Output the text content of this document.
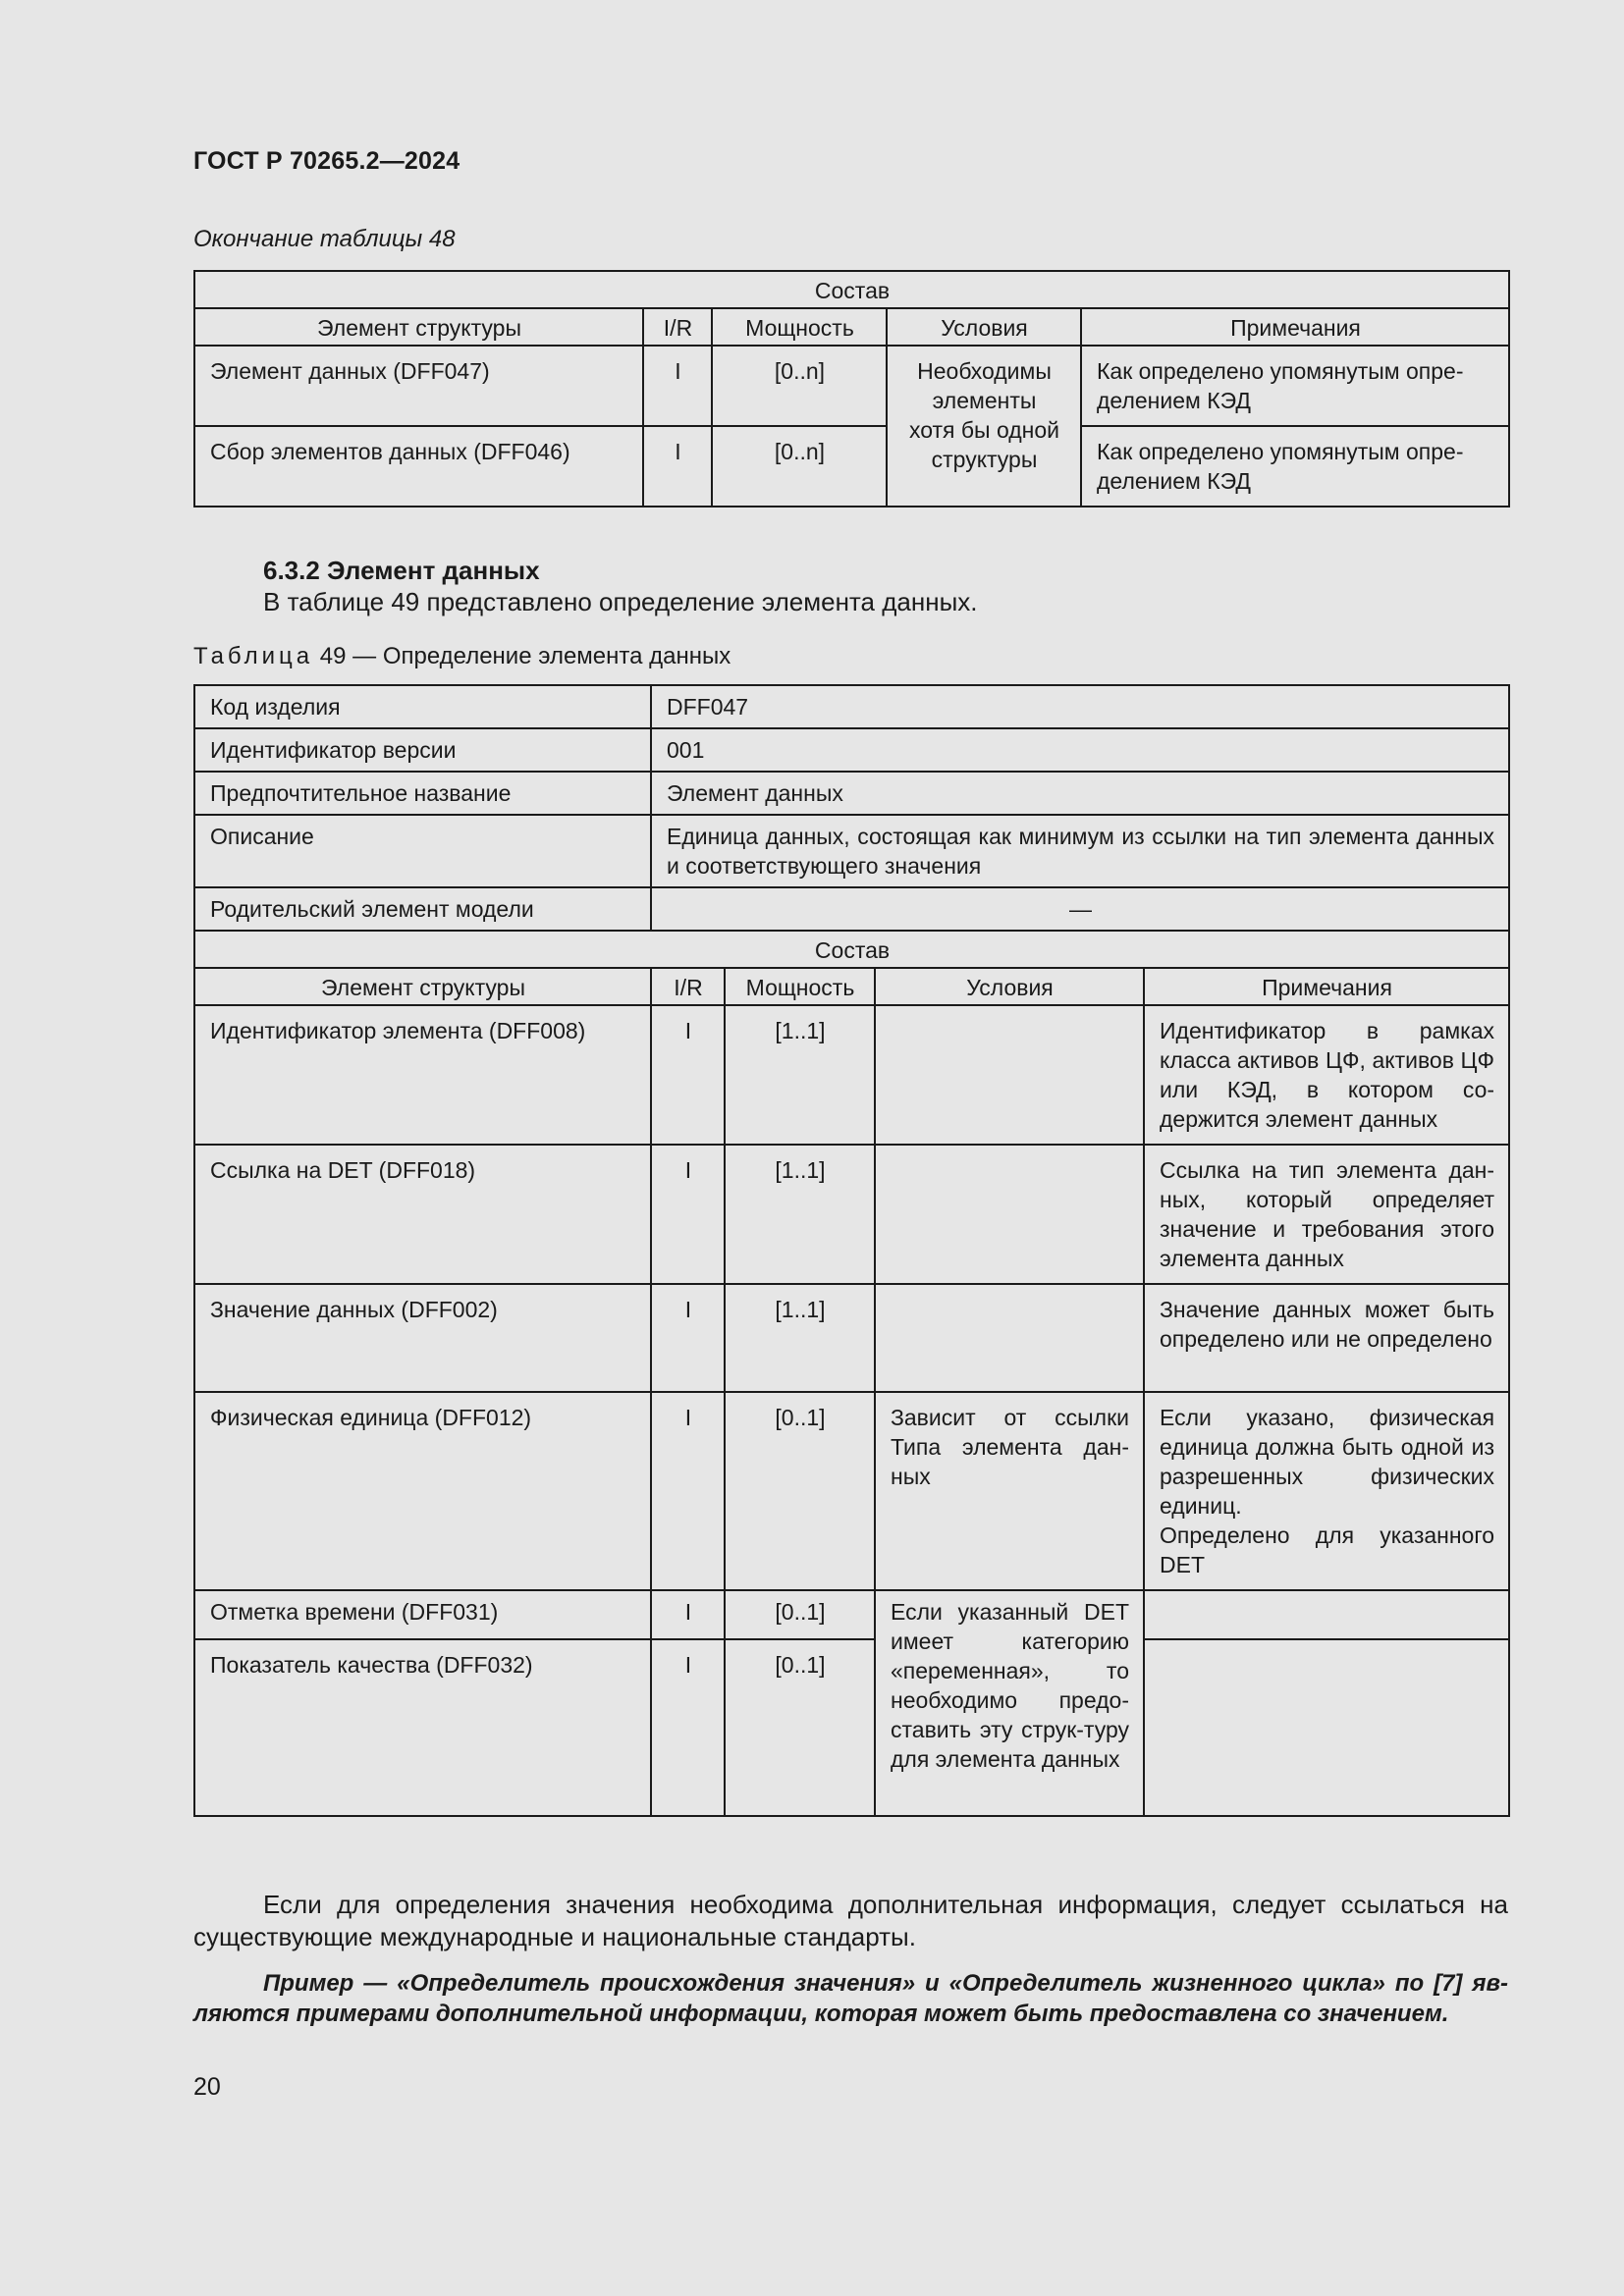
ГОСТ Р 70265.2—2024
Окончание таблицы 48
Состав				
Элемент структуры	I/R	Мощность	Условия	Примечания
Элемент данных (DFF047)	I	[0..n]	Необходимы
элементы
хотя бы одной
структуры	Как определено упомянутым опре-
делением КЭД
Сбор элементов данных (DFF046)	I	[0..n]		Как определено упомянутым опре-
делением КЭД
6.3.2 Элемент данных
В таблице 49 представлено определение элемента данных.
Таблица 49 — Определение элемента данных
Код изделия	DFF047			
Идентификатор версии	001			
Предпочтительное название	Элемент данных			
Описание	Единица данных, состоящая как минимум из ссылки на тип элемента данных и соответствующего значения			
Родительский элемент модели	—			
Состав				
Элемент структуры	I/R	Мощность	Условия	Примечания
Идентификатор элемента (DFF008)	I	[1..1]		Идентификатор в рамках класса активов ЦФ, активов ЦФ или КЭД, в котором со-держится элемент данных
Ссылка на DET (DFF018)	I	[1..1]		Ссылка на тип элемента дан-ных, который определяет значение и требования этого элемента данных
Значение данных (DFF002)	I	[1..1]		Значение данных может быть определено или не определено
Физическая единица (DFF012)	I	[0..1]	Зависит от ссылки Типа элемента дан-ных	Если указано, физическая единица должна быть одной из разрешенных физических единиц.
Определено для указанного DET
Отметка времени (DFF031)	I	[0..1]	Если указанный DET имеет категорию «переменная», то необходимо предо-ставить эту струк-туру для элемента данных	
Показатель качества (DFF032)	I	[0..1]		
Если для определения значения необходима дополнительная информация, следует ссылаться на существующие международные и национальные стандарты.
Пример — «Определитель происхождения значения» и «Определитель жизненного цикла» по [7] яв-ляются примерами дополнительной информации, которая может быть предоставлена со значением.
20
